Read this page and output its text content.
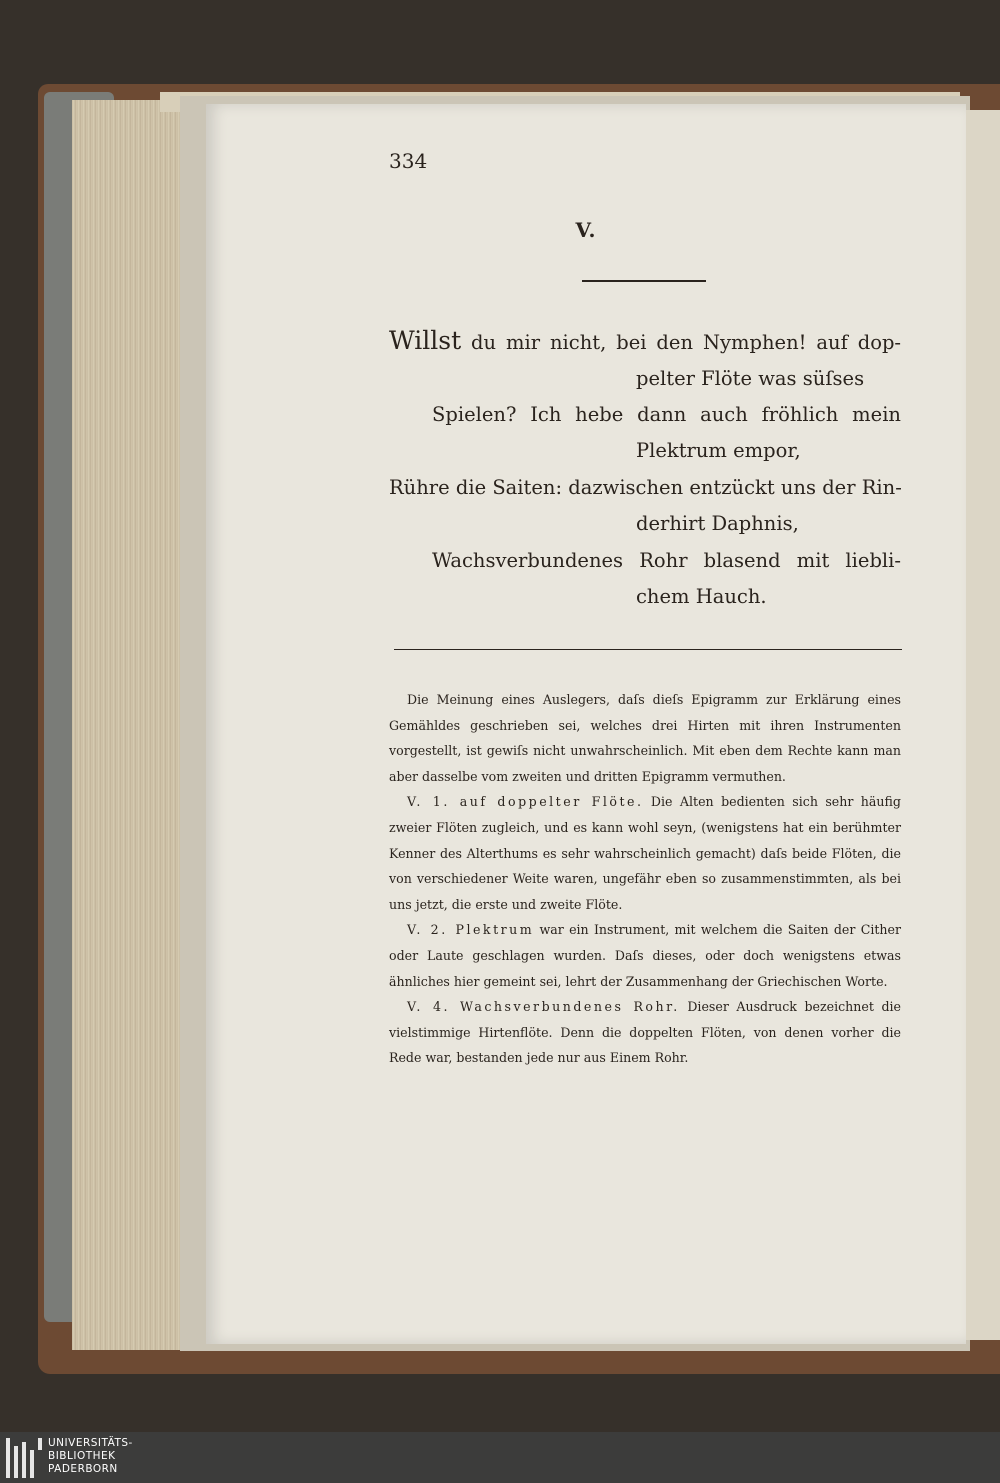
334
V.
Willst du mir nicht, bei den Nymphen! auf dop-
pelter Flöte was süſses
Spielen? Ich hebe dann auch fröhlich mein
Plektrum empor,
Rühre die Saiten: dazwischen entzückt uns der Rin-
derhirt Daphnis,
Wachsverbundenes Rohr blasend mit liebli-
chem Hauch.

Die Meinung eines Auslegers, daſs dieſs Epigramm zur Erklärung eines Gemähldes geschrieben sei, welches drei Hirten mit ihren Instrumenten vorgestellt, ist gewiſs nicht unwahrscheinlich. Mit eben dem Rechte kann man aber dasselbe vom zweiten und dritten Epigramm vermuthen.

V. 1. auf doppelter Flöte. Die Alten bedienten sich sehr häufig zweier Flöten zugleich, und es kann wohl seyn, (wenigstens hat ein berühmter Kenner des Alterthums es sehr wahrscheinlich gemacht) daſs beide Flöten, die von verschiedener Weite waren, ungefähr eben so zusammenstimmten, als bei uns jetzt, die erste und zweite Flöte.

V. 2. Plektrum war ein Instrument, mit welchem die Saiten der Cither oder Laute geschlagen wurden. Daſs dieses, oder doch wenigstens etwas ähnliches hier gemeint sei, lehrt der Zusammenhang der Griechischen Worte.

V. 4. Wachsverbundenes Rohr. Dieser Ausdruck bezeichnet die vielstimmige Hirtenflöte. Denn die doppelten Flöten, von denen vorher die Rede war, bestanden jede nur aus Einem Rohr.

UNIVERSITÄTS-
BIBLIOTHEK
PADERBORN
